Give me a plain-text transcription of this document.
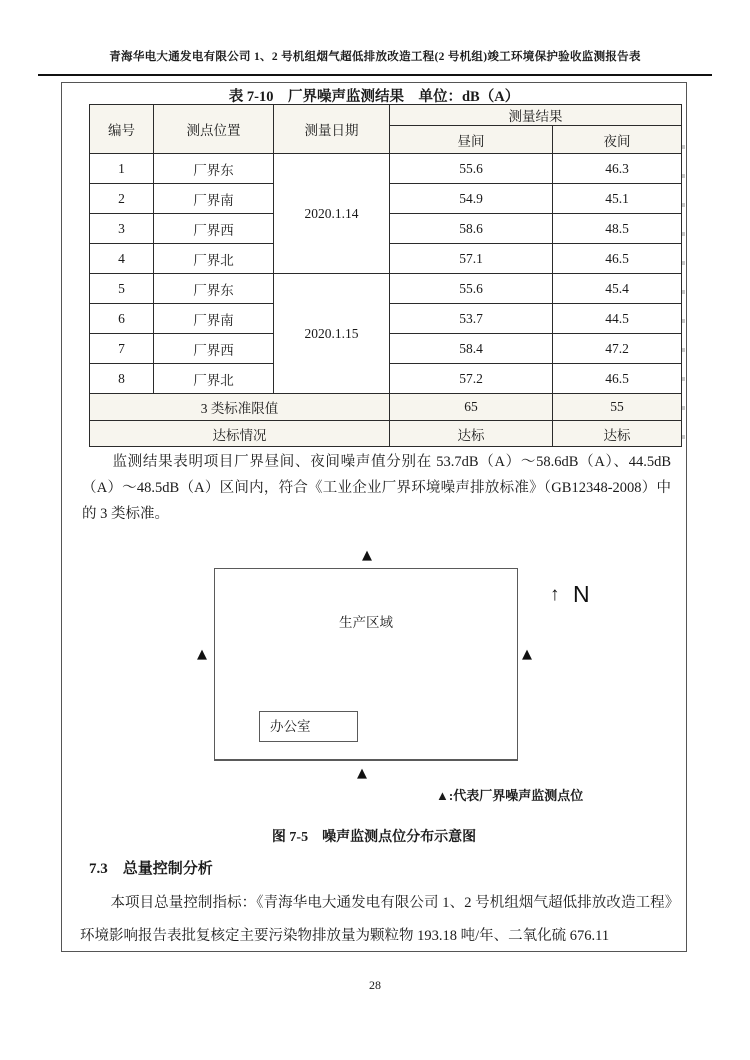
青海华电大通发电有限公司 1、2 号机组烟气超低排放改造工程(2 号机组)竣工环境保护验收监测报告表
表 7-10　厂界噪声监测结果　单位：dB（A）
编号	测点位置	测量日期	测量结果	
			昼间	夜间
1	厂界东	2020.1.14	55.6	46.3
2	厂界南		54.9	45.1
3	厂界西		58.6	48.5
4	厂界北		57.1	46.5
5	厂界东	2020.1.15	55.6	45.4
6	厂界南		53.7	44.5
7	厂界西		58.4	47.2
8	厂界北		57.2	46.5
3 类标准限值			65	55
达标情况			达标	达标
监测结果表明项目厂界昼间、夜间噪声值分别在 53.7dB（A）～58.6dB（A）、44.5dB（A）～48.5dB（A）区间内，符合《工业企业厂界环境噪声排放标准》（GB12348-2008）中的 3 类标准。
▲
生产区域
▲	▲
↑ N
办公室
▲
▲:代表厂界噪声监测点位
图 7-5　噪声监测点位分布示意图
7.3　总量控制分析
本项目总量控制指标：《青海华电大通发电有限公司 1、2 号机组烟气超低排放改造工程》环境影响报告表批复核定主要污染物排放量为颗粒物 193.18 吨/年、二氧化硫 676.11
28
